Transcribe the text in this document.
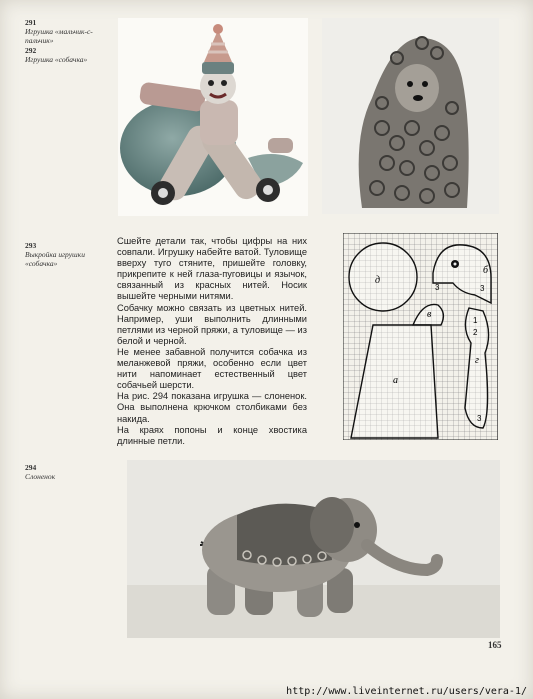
291
Игрушка «мальчик-с-пальчик»
292
Игрушка «собачка»
293
Выкройка игрушки «собачка»

Сшейте детали так, чтобы цифры на них совпали. Игрушку набейте ватой. Туловище вверху туго стяните, пришейте головку, прикрепите к ней глаза-пуговицы и язычок, связанный из красных нитей. Носик вышейте черными нитями.

Собачку можно связать из цветных нитей. Например, уши выполнить длинными петлями из черной пряжи, а туловище — из белой и черной.

Не менее забавной получится собачка из меланжевой пряжи, особенно если цвет нити напоминает естественный цвет собачьей шерсти.

На рис. 294 показана игрушка — слоненок. Она выполнена крючком столбиками без накида.

На краях попоны и конце хвостика длинные петли.

д
в
а
б
г
1
2
3
3
3
294
Слоненок
165
http://www.liveinternet.ru/users/vera-1/
